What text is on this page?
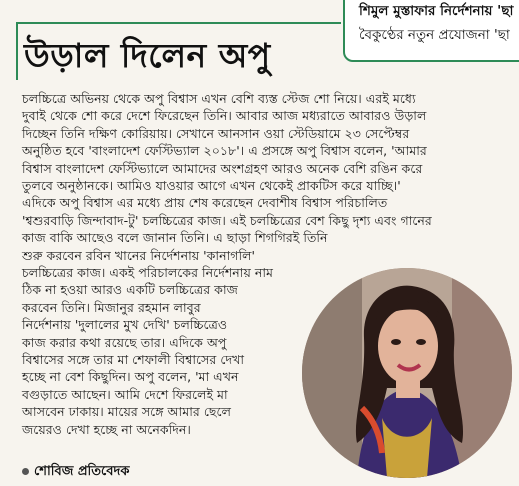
শিমুল মুস্তাফার নির্দেশনায় 'ছা
বৈকুণ্ঠের নতুন প্রযোজনা 'ছা
উড়াল দিলেন অপু
চলচ্চিত্রে অভিনয় থেকে অপু বিশ্বাস এখন বেশি ব্যস্ত স্টেজ শো নিয়ে। এরই মধ্যে
দুবাই থেকে শো করে দেশে ফিরেছেন তিনি। আবার আজ মধ্যরাতে আবারও উড়াল
দিচ্ছেন তিনি দক্ষিণ কোরিয়ায়। সেখানে আনসান ওয়া স্টেডিয়ামে ২৩ সেপ্টেম্বর
অনুষ্ঠিত হবে 'বাংলাদেশ ফেস্টিভ্যাল ২০১৮'। এ প্রসঙ্গে অপু বিশ্বাস বলেন, 'আমার
বিশ্বাস বাংলাদেশ ফেস্টিভ্যালে আমাদের অংশগ্রহণ আরও অনেক বেশি রঙিন করে
তুলবে অনুষ্ঠানকে। আমিও যাওয়ার আগে এখন থেকেই প্রাকটিস করে যাচ্ছি।'
এদিকে অপু বিশ্বাস এর মধ্যে প্রায় শেষ করেছেন দেবাশীষ বিশ্বাস পরিচালিত
'শ্বশুরবাড়ি জিন্দাবাদ-টু' চলচ্চিত্রের কাজ। এই চলচ্চিত্রের বেশ কিছু দৃশ্য এবং গানের
কাজ বাকি আছেও বলে জানান তিনি। এ ছাড়া শিগগিরই তিনি
শুরু করবেন রবিন খানের নির্দেশনায় 'কানাগলি'
চলচ্চিত্রের কাজ। একই পরিচালকের নির্দেশনায় নাম
ঠিক না হওয়া আরও একটি চলচ্চিত্রের কাজ
করবেন তিনি। মিজানুর রহমান লাবুর
নির্দেশনায় 'দুলালের মুখ দেখি' চলচ্চিত্রেও
কাজ করার কথা রয়েছে তার। এদিকে অপু
বিশ্বাসের সঙ্গে তার মা শেফালী বিশ্বাসের দেখা
হচ্ছে না বেশ কিছুদিন। অপু বলেন, 'মা এখন
বগুড়াতে আছেন। আমি দেশে ফিরলেই মা
আসবেন ঢাকায়। মায়ের সঙ্গে আমার ছেলে
জয়েরও দেখা হচ্ছে না অনেকদিন।
শোবিজ প্রতিবেদক
